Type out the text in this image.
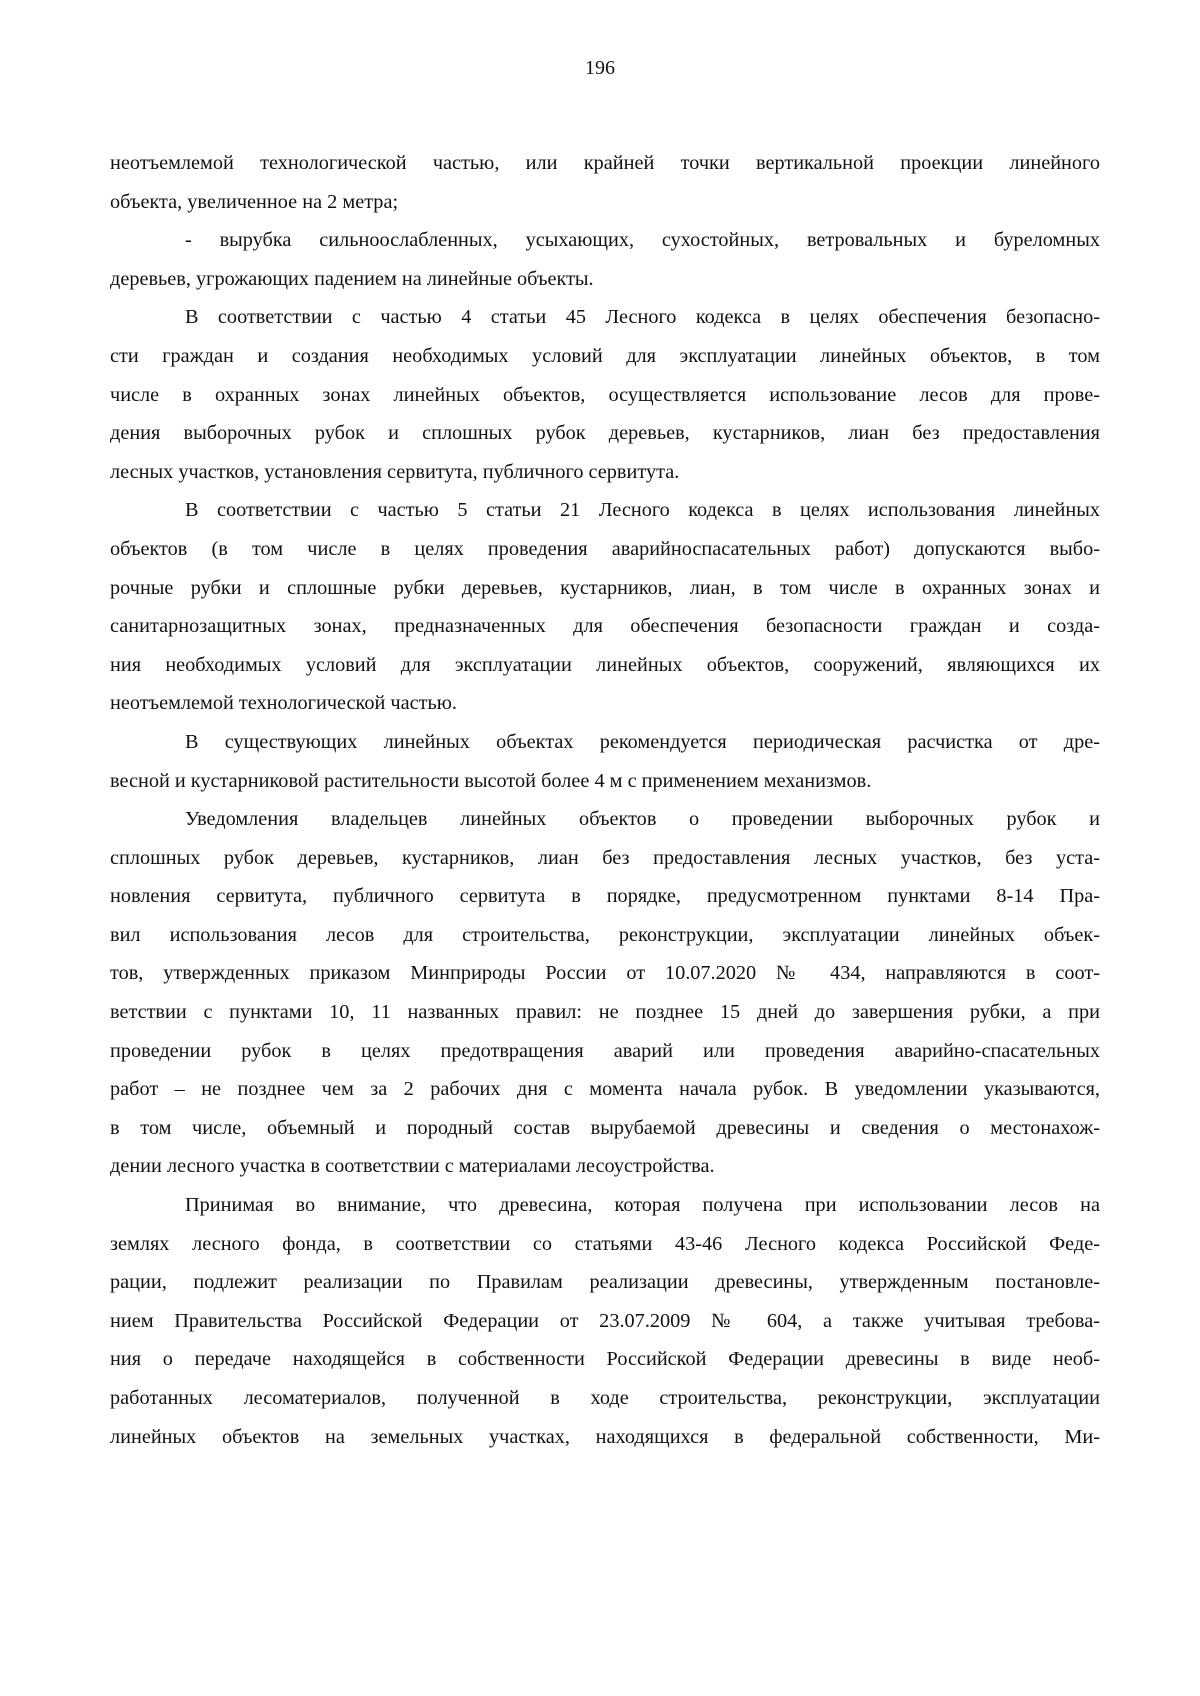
196
неотъемлемой технологической частью, или крайней точки вертикальной проекции линейного
объекта, увеличенное на 2 метра;
- вырубка сильноослабленных, усыхающих, сухостойных, ветровальных и буреломных
деревьев, угрожающих падением на линейные объекты.
В соответствии с частью 4 статьи 45 Лесного кодекса в целях обеспечения безопасно-
сти граждан и создания необходимых условий для эксплуатации линейных объектов, в том
числе в охранных зонах линейных объектов, осуществляется использование лесов для прове-
дения выборочных рубок и сплошных рубок деревьев, кустарников, лиан без предоставления
лесных участков, установления сервитута, публичного сервитута.
В соответствии с частью 5 статьи 21 Лесного кодекса в целях использования линейных
объектов (в том числе в целях проведения аварийноспасательных работ) допускаются выбо-
рочные рубки и сплошные рубки деревьев, кустарников, лиан, в том числе в охранных зонах и
санитарнозащитных зонах, предназначенных для обеспечения безопасности граждан и созда-
ния необходимых условий для эксплуатации линейных объектов, сооружений, являющихся их
неотъемлемой технологической частью.
В существующих линейных объектах рекомендуется периодическая расчистка от дре-
весной и кустарниковой растительности высотой более 4 м с применением механизмов.
Уведомления владельцев линейных объектов о проведении выборочных рубок и
сплошных рубок деревьев, кустарников, лиан без предоставления лесных участков, без уста-
новления сервитута, публичного сервитута в порядке, предусмотренном пунктами 8-14 Пра-
вил использования лесов для строительства, реконструкции, эксплуатации линейных объек-
тов, утвержденных приказом Минприроды России от 10.07.2020 № 434, направляются в соот-
ветствии с пунктами 10, 11 названных правил: не позднее 15 дней до завершения рубки, а при
проведении рубок в целях предотвращения аварий или проведения аварийно-спасательных
работ – не позднее чем за 2 рабочих дня с момента начала рубок. В уведомлении указываются,
в том числе, объемный и породный состав вырубаемой древесины и сведения о местонахож-
дении лесного участка в соответствии с материалами лесоустройства.
Принимая во внимание, что древесина, которая получена при использовании лесов на
землях лесного фонда, в соответствии со статьями 43-46 Лесного кодекса Российской Феде-
рации, подлежит реализации по Правилам реализации древесины, утвержденным постановле-
нием Правительства Российской Федерации от 23.07.2009 № 604, а также учитывая требова-
ния о передаче находящейся в собственности Российской Федерации древесины в виде необ-
работанных лесоматериалов, полученной в ходе строительства, реконструкции, эксплуатации
линейных объектов на земельных участках, находящихся в федеральной собственности, Ми-
